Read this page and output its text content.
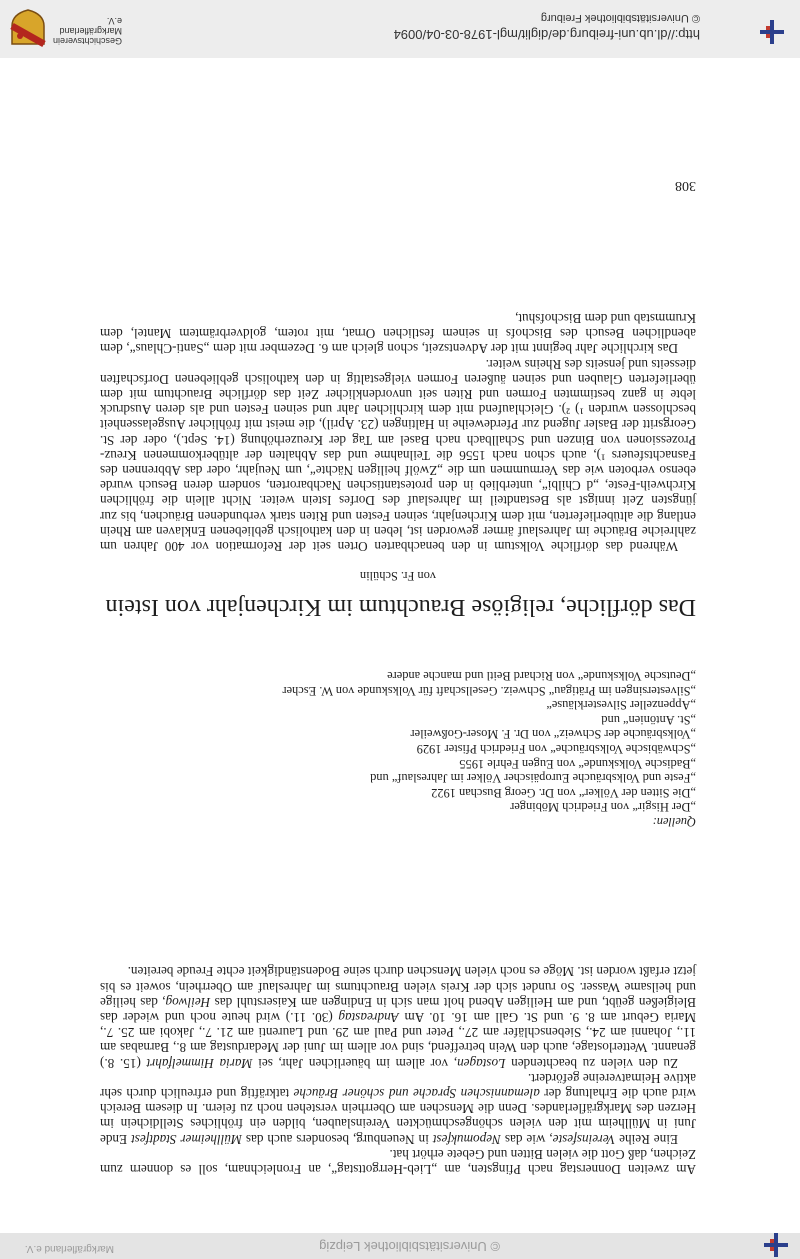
© Universitätsbibliothek Leipzig
Markgräflerland e.V.

Am zweiten Donnerstag nach Pfingsten, am „Lieb-Herrgottstag“, an Fronleichnam, soll es donnern zum Zeichen, daß Gott die vielen Bitten und Gebete erhört hat.

Eine Reihe Vereinsfeste, wie das Nepomukfest in Neuenburg, besonders auch das Müllheimer Stadtfest Ende Juni in Müllheim mit den vielen schöngeschmückten Vereinslauben, bilden ein fröhliches Stelldichein im Herzen des Markgräflerlandes. Denn die Menschen am Oberrhein verstehen noch zu feiern. In diesem Bereich wird auch die Erhaltung der alemannischen Sprache und schöner Bräuche tatkräftig und erfreulich durch sehr aktive Heimatvereine gefördert.

Zu den vielen zu beachtenden Lostagen, vor allem im bäuerlichen Jahr, sei Maria Himmelfahrt (15. 8.) genannt. Wetterlostage, auch den Wein betreffend, sind vor allem im Juni der Medardustag am 8., Barnabas am 11., Johanni am 24., Siebenschläfer am 27., Peter und Paul am 29. und Laurenti am 21. 7., Jakobi am 25. 7., Maria Geburt am 8. 9. und St. Gall am 16. 10. Am Andreastag (30. 11.) wird heute noch und wieder das Bleigießen geübt, und am Heiligen Abend holt man sich in Endingen am Kaiserstuhl das Heilwog, das heilige und heilsame Wasser. So rundet sich der Kreis vielen Brauchtums im Jahreslauf am Oberrhein, soweit es bis jetzt erfaßt worden ist. Möge es noch vielen Menschen durch seine Bodenständigkeit echte Freude bereiten.

Quellen:
„Der Hisgir“ von Friedrich Möbinger
„Die Sitten der Völker“ von Dr. Georg Buschan 1922
„Feste und Volksbräuche Europäischer Völker im Jahreslauf“ und
„Badische Volkskunde“ von Eugen Fehrle 1955
„Schwäbische Volksbräuche“ von Friedrich Pfister 1929
„Volksbräuche der Schweiz“ von Dr. F. Moser-Goßweiler
„St. Antönien“ und
„Appenzeller Silvesterkläuse“
„Silvestersingen im Prätigau“ Schweiz. Gesellschaft für Volkskunde von W. Escher
„Deutsche Volkskunde“ von Richard Beitl und manche andere
Das dörfliche, religiöse Brauchtum im Kirchenjahr von Istein
von Fr. Schülin

Während das dörfliche Volkstum in den benachbarten Orten seit der Reformation vor 400 Jahren um zahlreiche Bräuche im Jahreslauf ärmer geworden ist, leben in den katholisch gebliebenen Enklaven am Rhein entlang die altüberlieferten, mit dem Kirchenjahr, seinen Festen und Riten stark verbundenen Bräuchen, bis zur jüngsten Zeit innigst als Bestandteil im Jahreslauf des Dorfes Istein weiter. Nicht allein die fröhlichen Kirchweih-Feste, „d Chilbi“, unterblieb in den protestantischen Nachbarorten, sondern deren Besuch wurde ebenso verboten wie das Vermummen um die „Zwölf heiligen Nächte“, um Neujahr, oder das Abbrennen des Fasnachtsfeuers ¹), auch schon nach 1556 die Teilnahme und das Abhalten der altüberkommenen Kreuz-Prozessionen von Binzen und Schallbach nach Basel am Tag der Kreuzerhöhung (14. Sept.), oder der St. Georgsritt der Basler Jugend zur Pferdeweihe in Haltingen (23. April), die meist mit fröhlicher Ausgelassenheit beschlossen wurden ¹) ²). Gleichlaufend mit dem kirchlichen Jahr und seinen Festen und als deren Ausdruck lebte in ganz bestimmten Formen und Riten seit unvordenklicher Zeit das dörfliche Brauchtum mit dem überlieferten Glauben und seinen äußeren Formen vielgestaltig in den katholisch gebliebenen Dorfschaften diesseits und jenseits des Rheins weiter.

Das kirchliche Jahr beginnt mit der Adventszeit, schon gleich am 6. Dezember mit dem „Santi-Chlaus“, dem abendlichen Besuch des Bischofs in seinem festlichen Ornat, mit rotem, goldverbrämtem Mantel, dem Krummstab und dem Bischofshut,

308
http://dl.ub.uni-freiburg.de/diglit/mgl-1978-03-04/0094
© Universitätsbibliothek Freiburg
Geschichtsverein Markgräflerland e.V.
